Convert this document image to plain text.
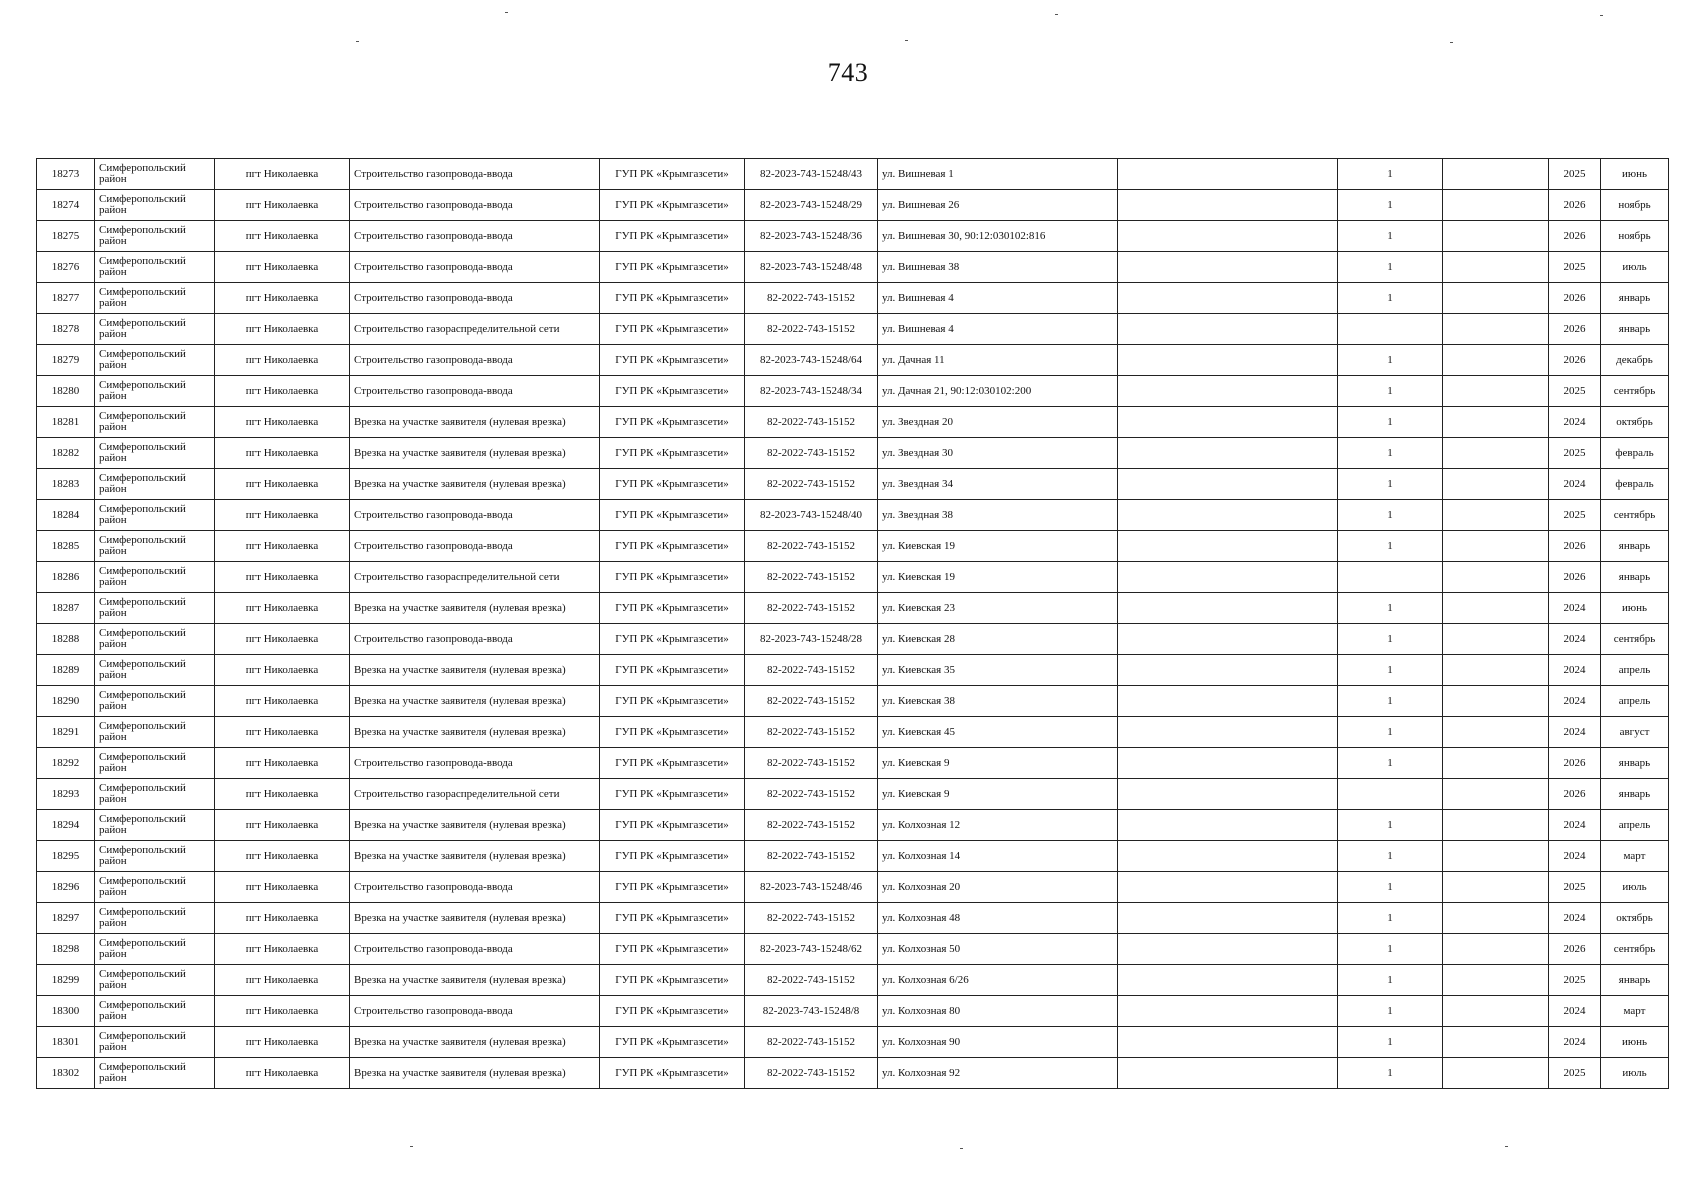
743
18273	Симферопольский район	пгт Николаевка	Строительство газопровода-ввода	ГУП РК «Крымгазсети»	82-2023-743-15248/43	ул. Вишневая 1		1		2025	июнь
18274	Симферопольский район	пгт Николаевка	Строительство газопровода-ввода	ГУП РК «Крымгазсети»	82-2023-743-15248/29	ул. Вишневая 26		1		2026	ноябрь
18275	Симферопольский район	пгт Николаевка	Строительство газопровода-ввода	ГУП РК «Крымгазсети»	82-2023-743-15248/36	ул. Вишневая 30, 90:12:030102:816		1		2026	ноябрь
18276	Симферопольский район	пгт Николаевка	Строительство газопровода-ввода	ГУП РК «Крымгазсети»	82-2023-743-15248/48	ул. Вишневая 38		1		2025	июль
18277	Симферопольский район	пгт Николаевка	Строительство газопровода-ввода	ГУП РК «Крымгазсети»	82-2022-743-15152	ул. Вишневая 4		1		2026	январь
18278	Симферопольский район	пгт Николаевка	Строительство газораспределительной сети	ГУП РК «Крымгазсети»	82-2022-743-15152	ул. Вишневая 4				2026	январь
18279	Симферопольский район	пгт Николаевка	Строительство газопровода-ввода	ГУП РК «Крымгазсети»	82-2023-743-15248/64	ул. Дачная 11		1		2026	декабрь
18280	Симферопольский район	пгт Николаевка	Строительство газопровода-ввода	ГУП РК «Крымгазсети»	82-2023-743-15248/34	ул. Дачная 21, 90:12:030102:200		1		2025	сентябрь
18281	Симферопольский район	пгт Николаевка	Врезка на участке заявителя (нулевая врезка)	ГУП РК «Крымгазсети»	82-2022-743-15152	ул. Звездная 20		1		2024	октябрь
18282	Симферопольский район	пгт Николаевка	Врезка на участке заявителя (нулевая врезка)	ГУП РК «Крымгазсети»	82-2022-743-15152	ул. Звездная 30		1		2025	февраль
18283	Симферопольский район	пгт Николаевка	Врезка на участке заявителя (нулевая врезка)	ГУП РК «Крымгазсети»	82-2022-743-15152	ул. Звездная 34		1		2024	февраль
18284	Симферопольский район	пгт Николаевка	Строительство газопровода-ввода	ГУП РК «Крымгазсети»	82-2023-743-15248/40	ул. Звездная 38		1		2025	сентябрь
18285	Симферопольский район	пгт Николаевка	Строительство газопровода-ввода	ГУП РК «Крымгазсети»	82-2022-743-15152	ул. Киевская 19		1		2026	январь
18286	Симферопольский район	пгт Николаевка	Строительство газораспределительной сети	ГУП РК «Крымгазсети»	82-2022-743-15152	ул. Киевская 19				2026	январь
18287	Симферопольский район	пгт Николаевка	Врезка на участке заявителя (нулевая врезка)	ГУП РК «Крымгазсети»	82-2022-743-15152	ул. Киевская 23		1		2024	июнь
18288	Симферопольский район	пгт Николаевка	Строительство газопровода-ввода	ГУП РК «Крымгазсети»	82-2023-743-15248/28	ул. Киевская 28		1		2024	сентябрь
18289	Симферопольский район	пгт Николаевка	Врезка на участке заявителя (нулевая врезка)	ГУП РК «Крымгазсети»	82-2022-743-15152	ул. Киевская 35		1		2024	апрель
18290	Симферопольский район	пгт Николаевка	Врезка на участке заявителя (нулевая врезка)	ГУП РК «Крымгазсети»	82-2022-743-15152	ул. Киевская 38		1		2024	апрель
18291	Симферопольский район	пгт Николаевка	Врезка на участке заявителя (нулевая врезка)	ГУП РК «Крымгазсети»	82-2022-743-15152	ул. Киевская 45		1		2024	август
18292	Симферопольский район	пгт Николаевка	Строительство газопровода-ввода	ГУП РК «Крымгазсети»	82-2022-743-15152	ул. Киевская 9		1		2026	январь
18293	Симферопольский район	пгт Николаевка	Строительство газораспределительной сети	ГУП РК «Крымгазсети»	82-2022-743-15152	ул. Киевская 9				2026	январь
18294	Симферопольский район	пгт Николаевка	Врезка на участке заявителя (нулевая врезка)	ГУП РК «Крымгазсети»	82-2022-743-15152	ул. Колхозная 12		1		2024	апрель
18295	Симферопольский район	пгт Николаевка	Врезка на участке заявителя (нулевая врезка)	ГУП РК «Крымгазсети»	82-2022-743-15152	ул. Колхозная 14		1		2024	март
18296	Симферопольский район	пгт Николаевка	Строительство газопровода-ввода	ГУП РК «Крымгазсети»	82-2023-743-15248/46	ул. Колхозная 20		1		2025	июль
18297	Симферопольский район	пгт Николаевка	Врезка на участке заявителя (нулевая врезка)	ГУП РК «Крымгазсети»	82-2022-743-15152	ул. Колхозная 48		1		2024	октябрь
18298	Симферопольский район	пгт Николаевка	Строительство газопровода-ввода	ГУП РК «Крымгазсети»	82-2023-743-15248/62	ул. Колхозная 50		1		2026	сентябрь
18299	Симферопольский район	пгт Николаевка	Врезка на участке заявителя (нулевая врезка)	ГУП РК «Крымгазсети»	82-2022-743-15152	ул. Колхозная 6/26		1		2025	январь
18300	Симферопольский район	пгт Николаевка	Строительство газопровода-ввода	ГУП РК «Крымгазсети»	82-2023-743-15248/8	ул. Колхозная 80		1		2024	март
18301	Симферопольский район	пгт Николаевка	Врезка на участке заявителя (нулевая врезка)	ГУП РК «Крымгазсети»	82-2022-743-15152	ул. Колхозная 90		1		2024	июнь
18302	Симферопольский район	пгт Николаевка	Врезка на участке заявителя (нулевая врезка)	ГУП РК «Крымгазсети»	82-2022-743-15152	ул. Колхозная 92		1		2025	июль
